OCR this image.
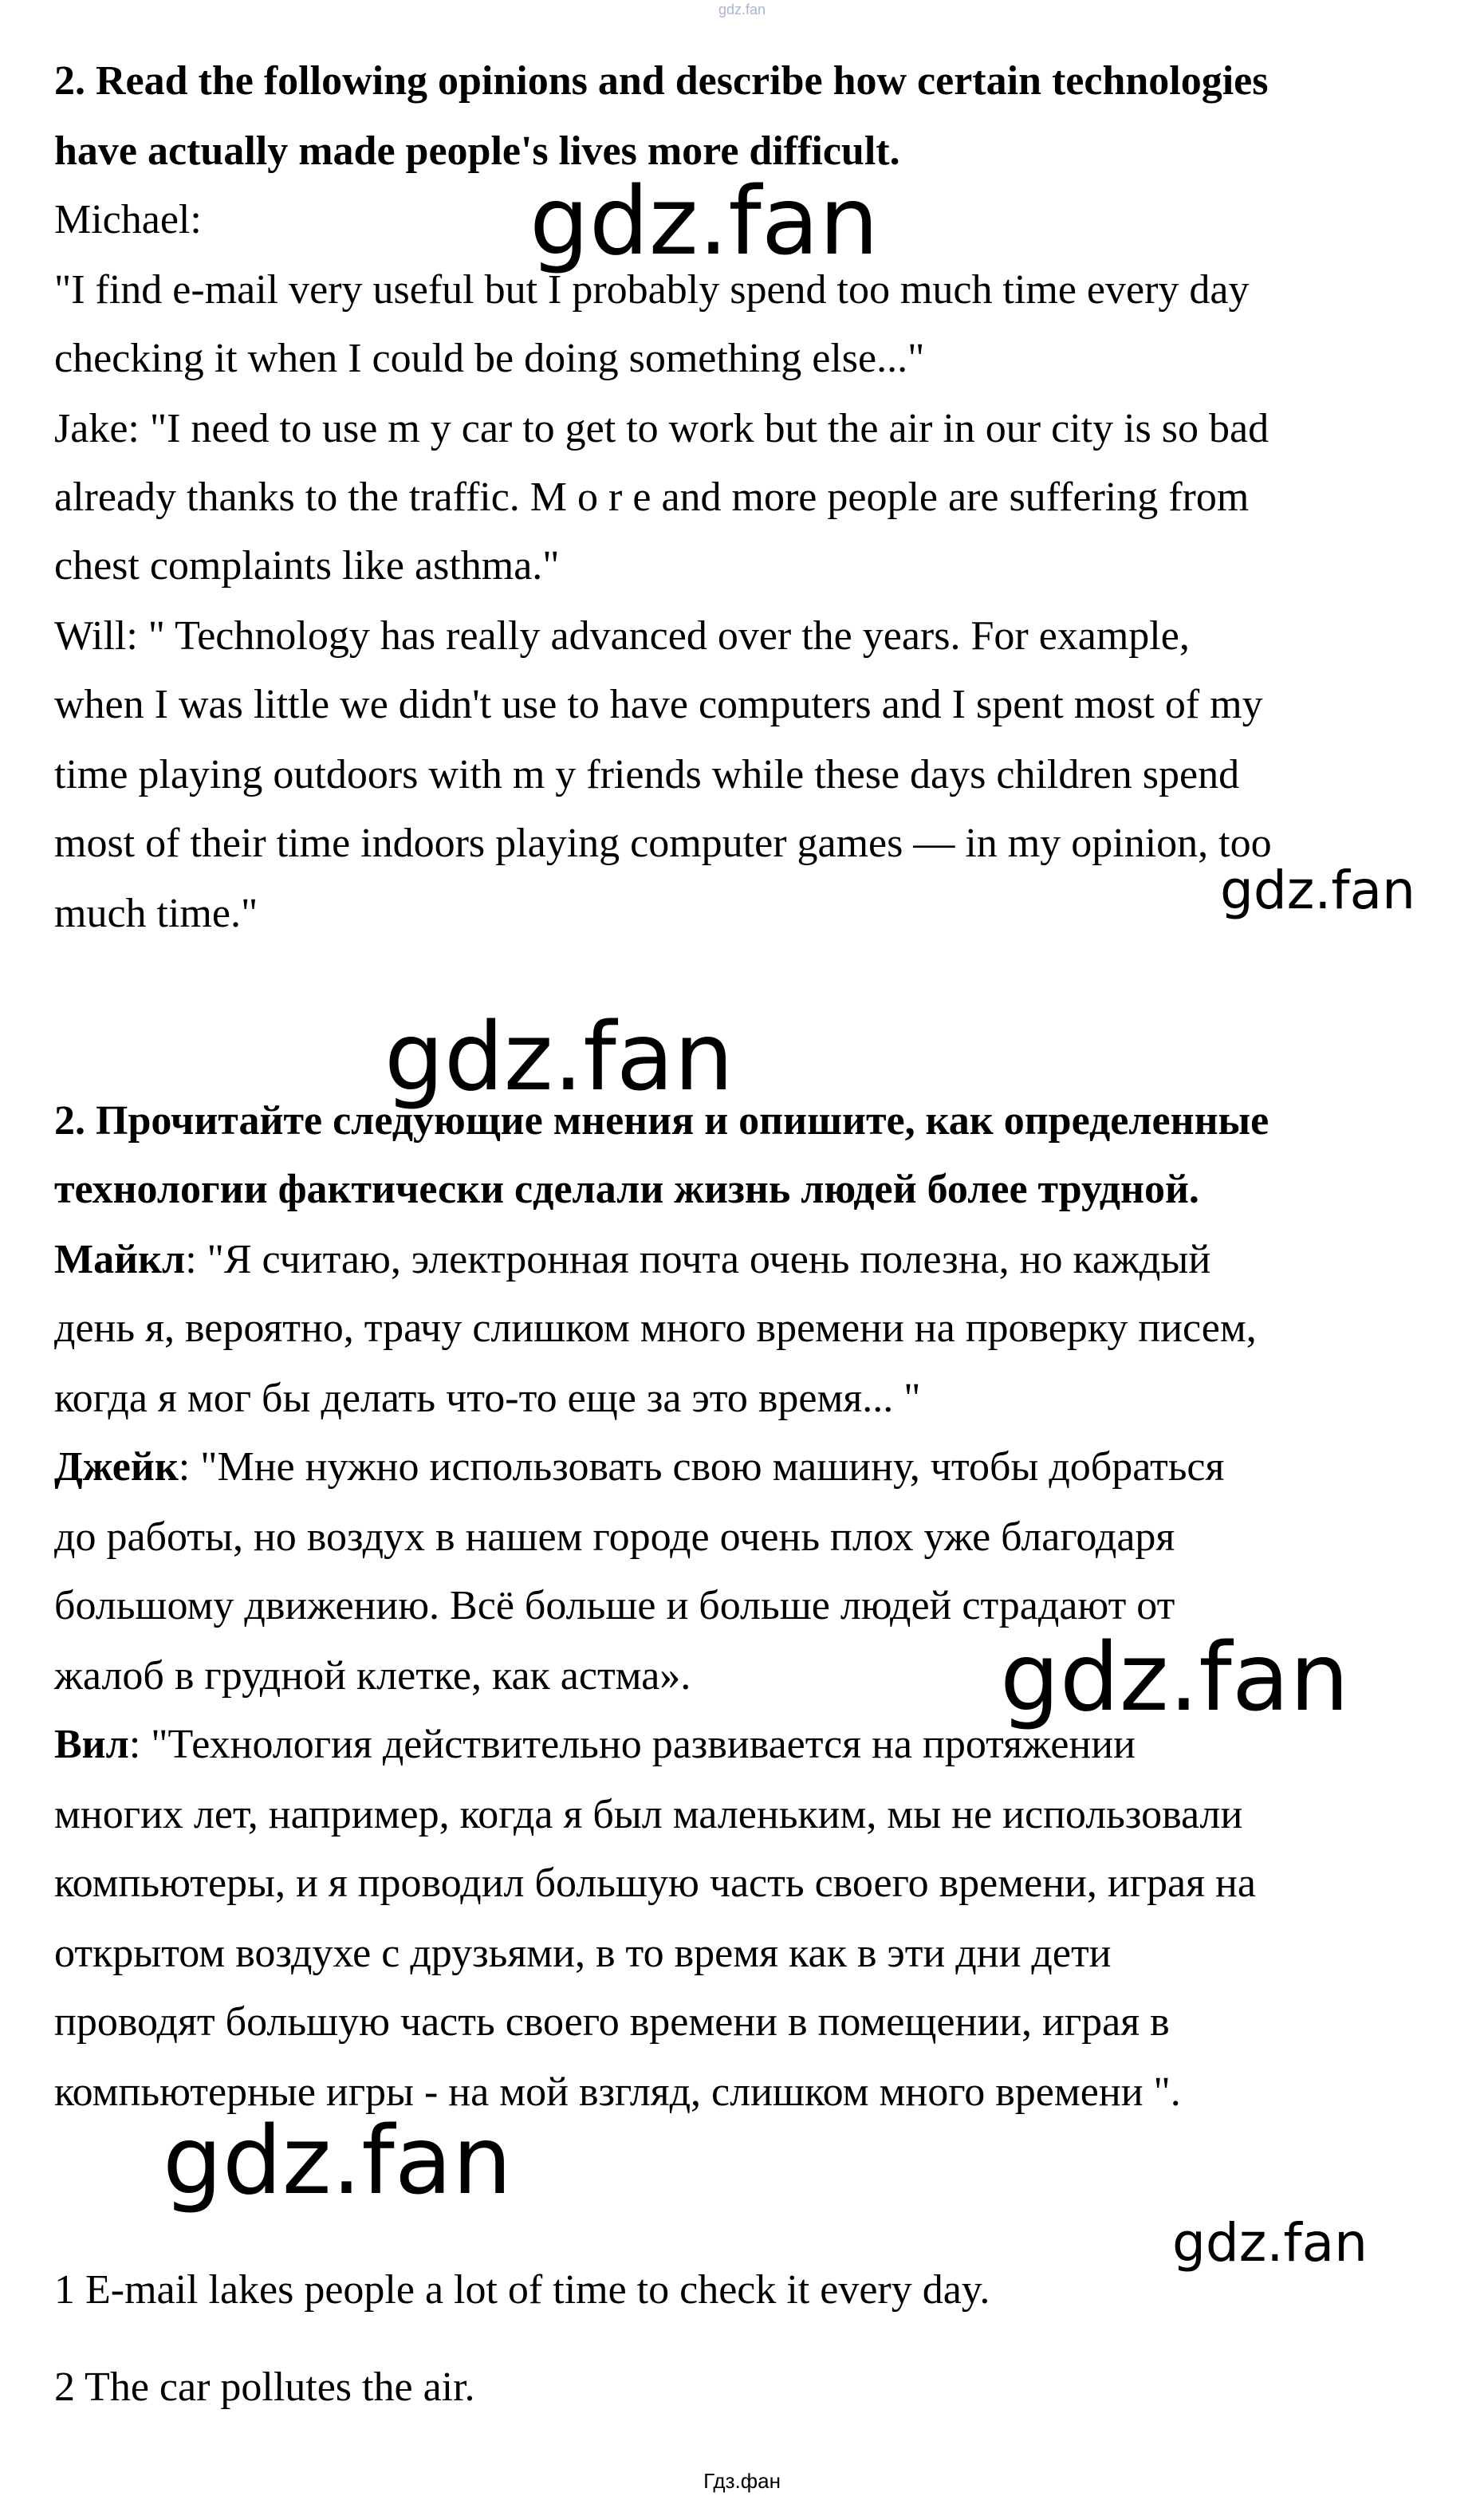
gdz.fan
2. Read the following opinions and describe how certain technologies
have actually made people's lives more difficult.
Michael:
"I find e-mail very useful but I probably spend too much time every day
checking it when I could be doing something else..."
Jake: "I need to use m y car to get to work but the air in our city is so bad
already thanks to the traffic. M o r e and more people are suffering from
chest complaints like asthma."
Will: " Technology has really advanced over the years. For example,
when I was little we didn't use to have computers and I spent most of my
time playing outdoors with m y friends while these days children spend
most of their time indoors playing computer games — in my opinion, too
much time."
2. Прочитайте следующие мнения и опишите, как определенные
технологии фактически сделали жизнь людей более трудной.
Майкл: "Я считаю, электронная почта очень полезна, но каждый
день я, вероятно, трачу слишком много времени на проверку писем,
когда я мог бы делать что-то еще за это время... "
Джейк: "Мне нужно использовать свою машину, чтобы добраться
до работы, но воздух в нашем городе очень плох уже благодаря
большому движению. Всё больше и больше людей страдают от
жалоб в грудной клетке, как астма».
Вил: "Технология действительно развивается на протяжении
многих лет, например, когда я был маленьким, мы не использовали
компьютеры, и я проводил большую часть своего времени, играя на
открытом воздухе с друзьями, в то время как в эти дни дети
проводят большую часть своего времени в помещении, играя в
компьютерные игры - на мой взгляд, слишком много времени ".
1 E-mail lakes people a lot of time to check it every day.
2 The car pollutes the air.
gdz.fan
gdz.fan
gdz.fan
gdz.fan
gdz.fan
gdz.fan
Гдз.фан
